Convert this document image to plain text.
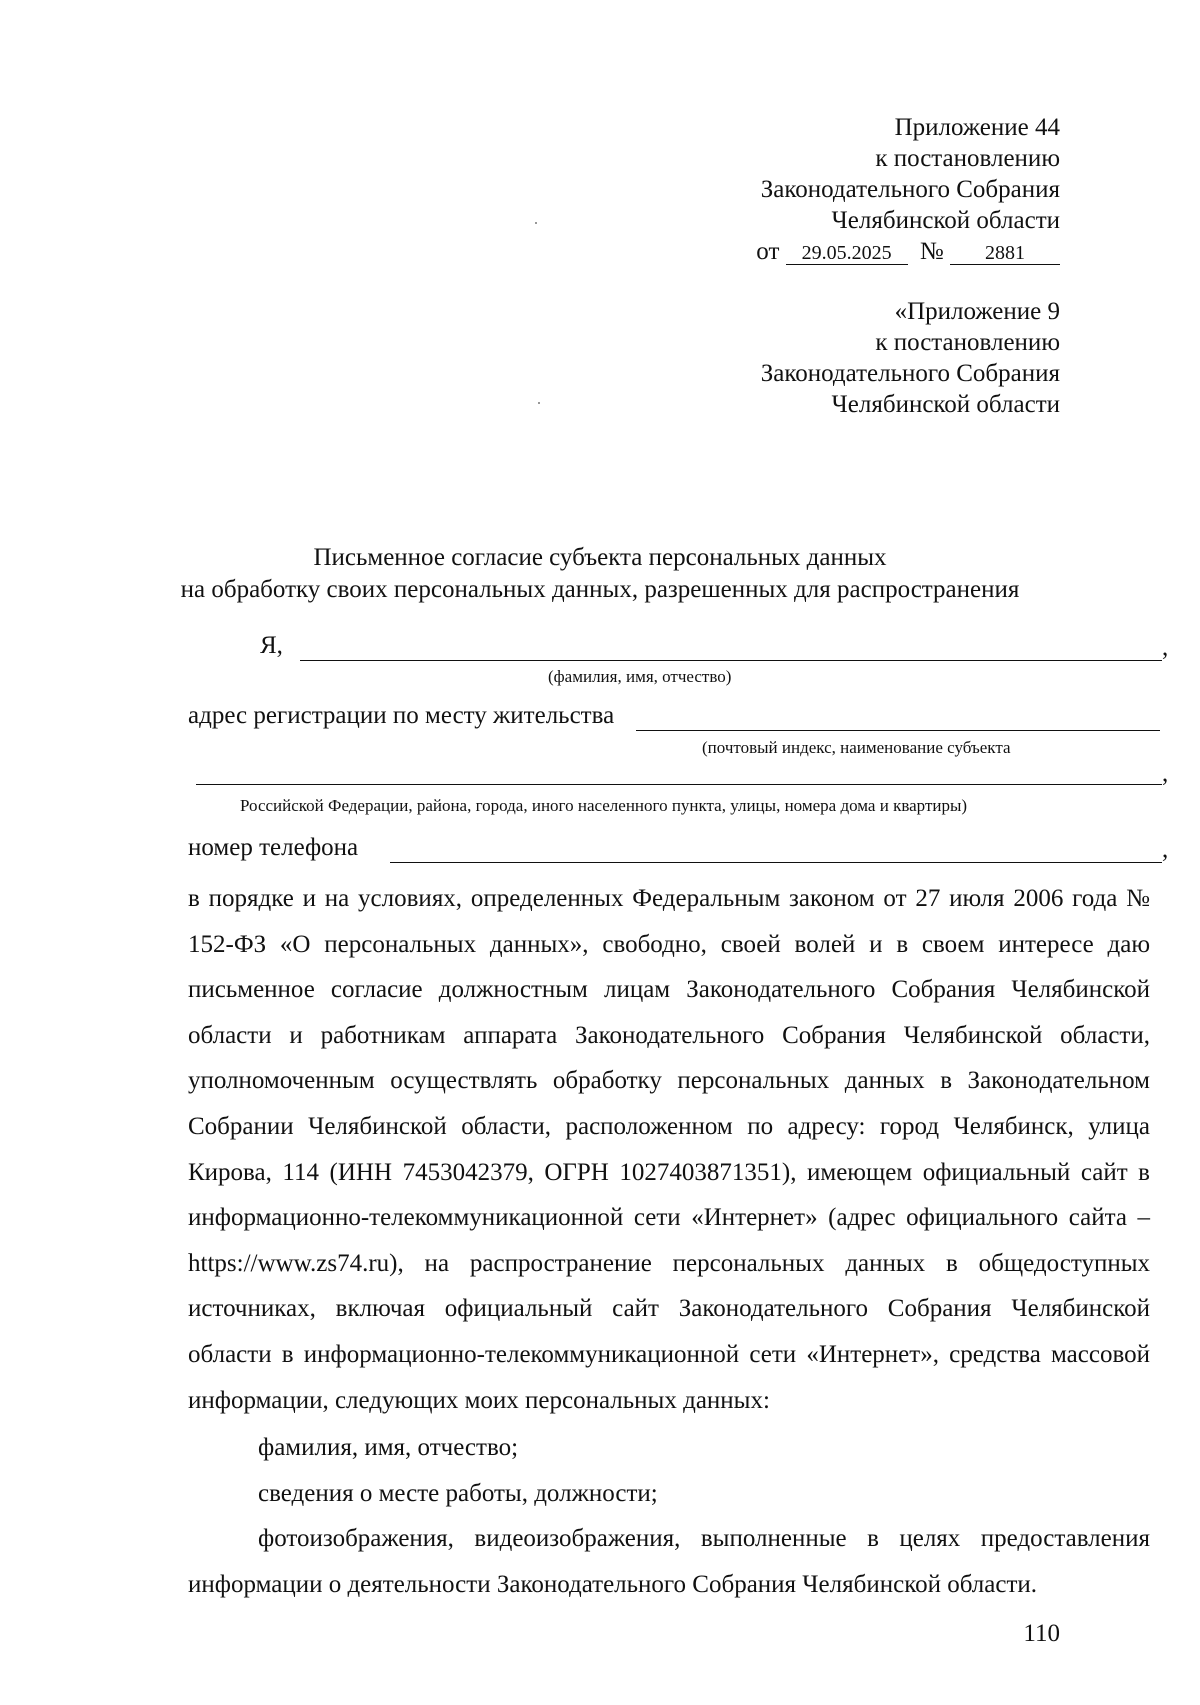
Приложение 44
к постановлению
Законодательного Собрания
Челябинской области
от 29.05.2025 № 2881
«Приложение 9
к постановлению
Законодательного Собрания
Челябинской области
Письменное согласие субъекта персональных данных
на обработку своих персональных данных, разрешенных для распространения
Я,	,
(фамилия, имя, отчество)
адрес регистрации по месту жительства
(почтовый индекс, наименование субъекта
,
Российской Федерации, района, города, иного населенного пункта, улицы, номера дома и квартиры)
номер телефона	,

в порядке и на условиях, определенных Федеральным законом от 27 июля 2006 года № 152-ФЗ «О персональных данных», свободно, своей волей и в своем интересе даю письменное согласие должностным лицам Законодательного Собрания Челябинской области и работникам аппарата Законодательного Собрания Челябинской области, уполномоченным осуществлять обработку персональных данных в Законодательном Собрании Челябинской области, расположенном по адресу: город Челябинск, улица Кирова, 114 (ИНН 7453042379, ОГРН 1027403871351), имеющем официальный сайт в информационно-телекоммуникационной сети «Интернет» (адрес официального сайта – https://www.zs74.ru), на распространение персональных данных в общедоступных источниках, включая официальный сайт Законодательного Собрания Челябинской области в информационно-телекоммуникационной сети «Интернет», средства массовой информации, следующих моих персональных данных:

фамилия, имя, отчество;

сведения о месте работы, должности;

фотоизображения, видеоизображения, выполненные в целях предоставления информации о деятельности Законодательного Собрания Челябинской области.

110
